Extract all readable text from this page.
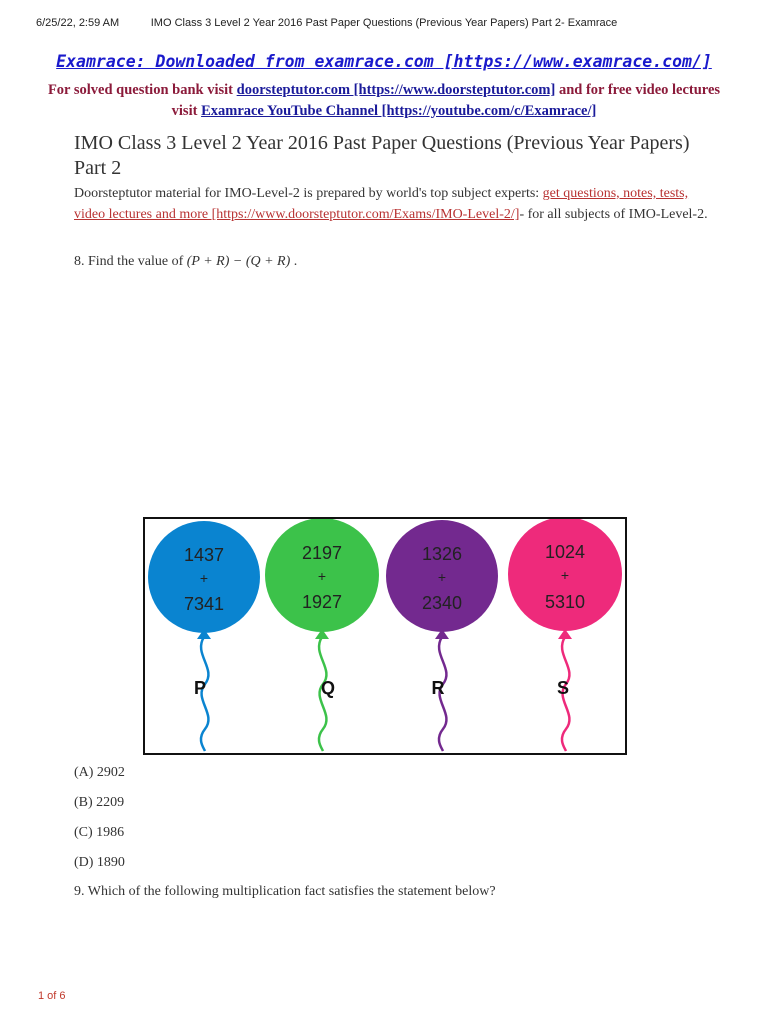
6/25/22, 2:59 AM	IMO Class 3 Level 2 Year 2016 Past Paper Questions (Previous Year Papers) Part 2- Examrace
Examrace: Downloaded from examrace.com [https://www.examrace.com/]
For solved question bank visit doorsteptutor.com [https://www.doorsteptutor.com] and for free video lectures visit Examrace YouTube Channel [https://youtube.com/c/Examrace/]
IMO Class 3 Level 2 Year 2016 Past Paper Questions (Previous Year Papers) Part 2
Doorsteptutor material for IMO-Level-2 is prepared by world's top subject experts: get questions, notes, tests, video lectures and more [https://www.doorsteptutor.com/Exams/IMO-Level-2/]- for all subjects of IMO-Level-2.
8. Find the value of (P + R) − (Q + R) .
1437
+
7341
P
2197
+
1927
Q
1326
+
2340
R
1024
+
5310
S
(A) 2902
(B) 2209
(C) 1986
(D) 1890
9. Which of the following multiplication fact satisfies the statement below?
1 of 6
